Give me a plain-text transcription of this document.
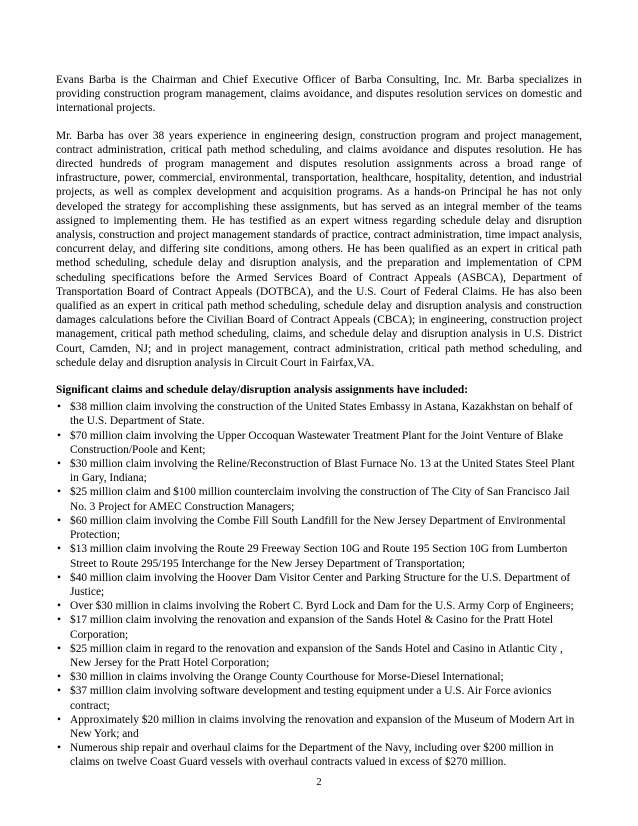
Evans Barba is the Chairman and Chief Executive Officer of Barba Consulting, Inc. Mr. Barba specializes in providing construction program management, claims avoidance, and disputes resolution services on domestic and international projects.

Mr. Barba has over 38 years experience in engineering design, construction program and project management, contract administration, critical path method scheduling, and claims avoidance and disputes resolution. He has directed hundreds of program management and disputes resolution assignments across a broad range of infrastructure, power, commercial, environmental, transportation, healthcare, hospitality, detention, and industrial projects, as well as complex development and acquisition programs. As a hands-on Principal he has not only developed the strategy for accomplishing these assignments, but has served as an integral member of the teams assigned to implementing them. He has testified as an expert witness regarding schedule delay and disruption analysis, construction and project management standards of practice, contract administration, time impact analysis, concurrent delay, and differing site conditions, among others. He has been qualified as an expert in critical path method scheduling, schedule delay and disruption analysis, and the preparation and implementation of CPM scheduling specifications before the Armed Services Board of Contract Appeals (ASBCA), Department of Transportation Board of Contract Appeals (DOTBCA), and the U.S. Court of Federal Claims. He has also been qualified as an expert in critical path method scheduling, schedule delay and disruption analysis and construction damages calculations before the Civilian Board of Contract Appeals (CBCA); in engineering, construction project management, critical path method scheduling, claims, and schedule delay and disruption analysis in U.S. District Court, Camden, NJ; and in project management, contract administration, critical path method scheduling, and schedule delay and disruption analysis in Circuit Court in Fairfax,VA.

Significant claims and schedule delay/disruption analysis assignments have included:

• $38 million claim involving the construction of the United States Embassy in Astana, Kazakhstan on behalf of the U.S. Department of State.
• $70 million claim involving the Upper Occoquan Wastewater Treatment Plant for the Joint Venture of Blake Construction/Poole and Kent;
• $30 million claim involving the Reline/Reconstruction of Blast Furnace No. 13 at the United States Steel Plant in Gary, Indiana;
• $25 million claim and $100 million counterclaim involving the construction of The City of San Francisco Jail No. 3 Project for AMEC Construction Managers;
• $60 million claim involving the Combe Fill South Landfill for the New Jersey Department of Environmental Protection;
• $13 million claim involving the Route 29 Freeway Section 10G and Route 195 Section 10G from Lumberton Street to Route 295/195 Interchange for the New Jersey Department of Transportation;
• $40 million claim involving the Hoover Dam Visitor Center and Parking Structure for the U.S. Department of Justice;
• Over $30 million in claims involving the Robert C. Byrd Lock and Dam for the U.S. Army Corp of Engineers;
• $17 million claim involving the renovation and expansion of the Sands Hotel & Casino for the Pratt Hotel Corporation;
• $25 million claim in regard to the renovation and expansion of the Sands Hotel and Casino in Atlantic City , New Jersey for the Pratt Hotel Corporation;
• $30 million in claims involving the Orange County Courthouse for Morse-Diesel International;
• $37 million claim involving software development and testing equipment under a U.S. Air Force avionics contract;
• Approximately $20 million in claims involving the renovation and expansion of the Museum of Modern Art in New York; and
• Numerous ship repair and overhaul claims for the Department of the Navy, including over $200 million in claims on twelve Coast Guard vessels with overhaul contracts valued in excess of $270 million.
2
